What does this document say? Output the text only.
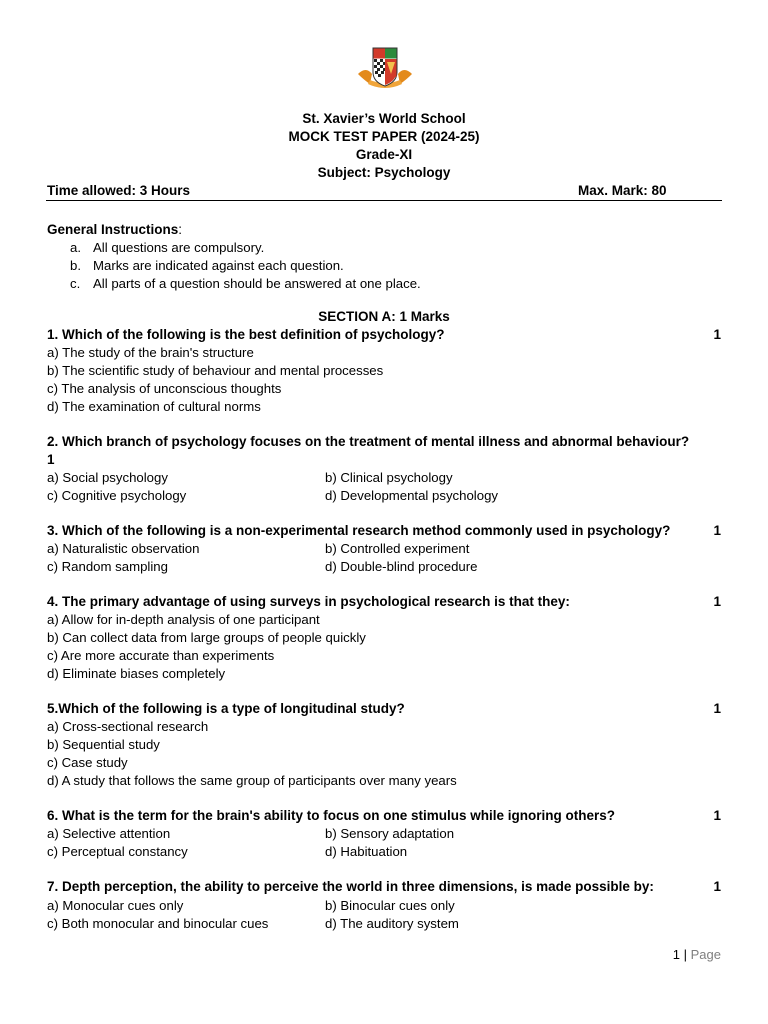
St. Xavier’s World School
MOCK TEST PAPER (2024-25)
Grade-XI
Subject: Psychology
Time allowed: 3 Hours	Max. Mark: 80
General Instructions:
a. All questions are compulsory.
b. Marks are indicated against each question.
c. All parts of a question should be answered at one place.
SECTION A: 1 Marks
1. Which of the following is the best definition of psychology?	1
a) The study of the brain's structure
b) The scientific study of behaviour and mental processes
c) The analysis of unconscious thoughts
d) The examination of cultural norms
2. Which branch of psychology focuses on the treatment of mental illness and abnormal behaviour?
1
a) Social psychology	b) Clinical psychology
c) Cognitive psychology	d) Developmental psychology
3. Which of the following is a non-experimental research method commonly used in psychology?	1
a) Naturalistic observation	b) Controlled experiment
c) Random sampling	d) Double-blind procedure
4. The primary advantage of using surveys in psychological research is that they:	1
a) Allow for in-depth analysis of one participant
b) Can collect data from large groups of people quickly
c) Are more accurate than experiments
d) Eliminate biases completely
5.Which of the following is a type of longitudinal study?	1
a) Cross-sectional research
b) Sequential study
c) Case study
d) A study that follows the same group of participants over many years
6. What is the term for the brain's ability to focus on one stimulus while ignoring others?	1
a) Selective attention	b) Sensory adaptation
c) Perceptual constancy	d) Habituation
7. Depth perception, the ability to perceive the world in three dimensions, is made possible by:	1
a) Monocular cues only	b) Binocular cues only
c) Both monocular and binocular cues	d) The auditory system
1 | Page
